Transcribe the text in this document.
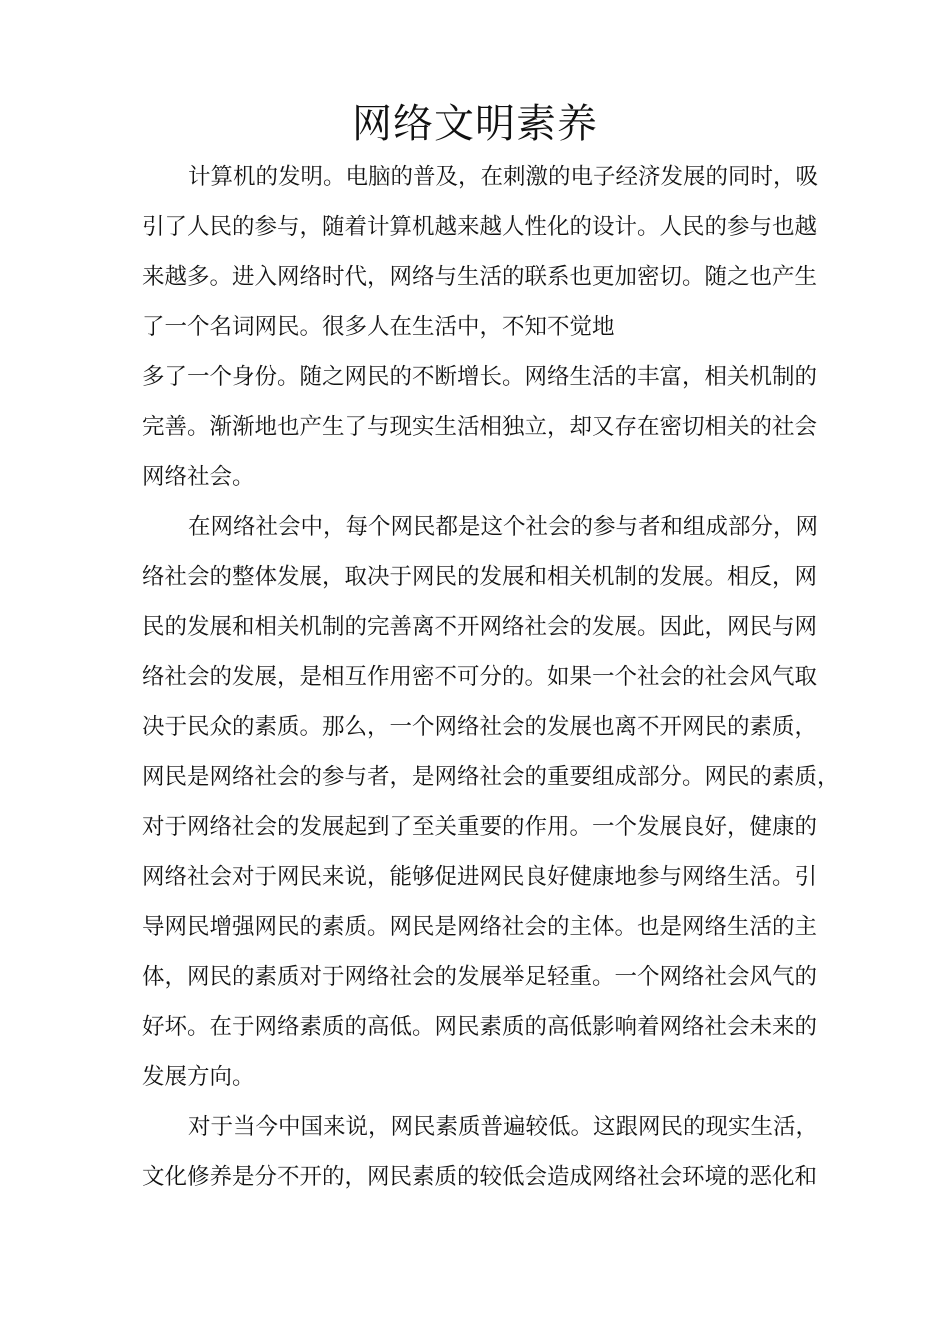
网络文明素养
计算机的发明。电脑的普及，在刺激的电子经济发展的同时，吸
引了人民的参与，随着计算机越来越人性化的设计。人民的参与也越
来越多。进入网络时代，网络与生活的联系也更加密切。随之也产生
了一个名词网民。很多人在生活中，不知不觉地
多了一个身份。随之网民的不断增长。网络生活的丰富，相关机制的
完善。渐渐地也产生了与现实生活相独立，却又存在密切相关的社会
网络社会。
在网络社会中，每个网民都是这个社会的参与者和组成部分，网
络社会的整体发展，取决于网民的发展和相关机制的发展。相反，网
民的发展和相关机制的完善离不开网络社会的发展。因此，网民与网
络社会的发展，是相互作用密不可分的。如果一个社会的社会风气取
决于民众的素质。那么，一个网络社会的发展也离不开网民的素质，
网民是网络社会的参与者，是网络社会的重要组成部分。网民的素质，
对于网络社会的发展起到了至关重要的作用。一个发展良好，健康的
网络社会对于网民来说，能够促进网民良好健康地参与网络生活。引
导网民增强网民的素质。网民是网络社会的主体。也是网络生活的主
体，网民的素质对于网络社会的发展举足轻重。一个网络社会风气的
好坏。在于网络素质的高低。网民素质的高低影响着网络社会未来的
发展方向。
对于当今中国来说，网民素质普遍较低。这跟网民的现实生活，
文化修养是分不开的，网民素质的较低会造成网络社会环境的恶化和
